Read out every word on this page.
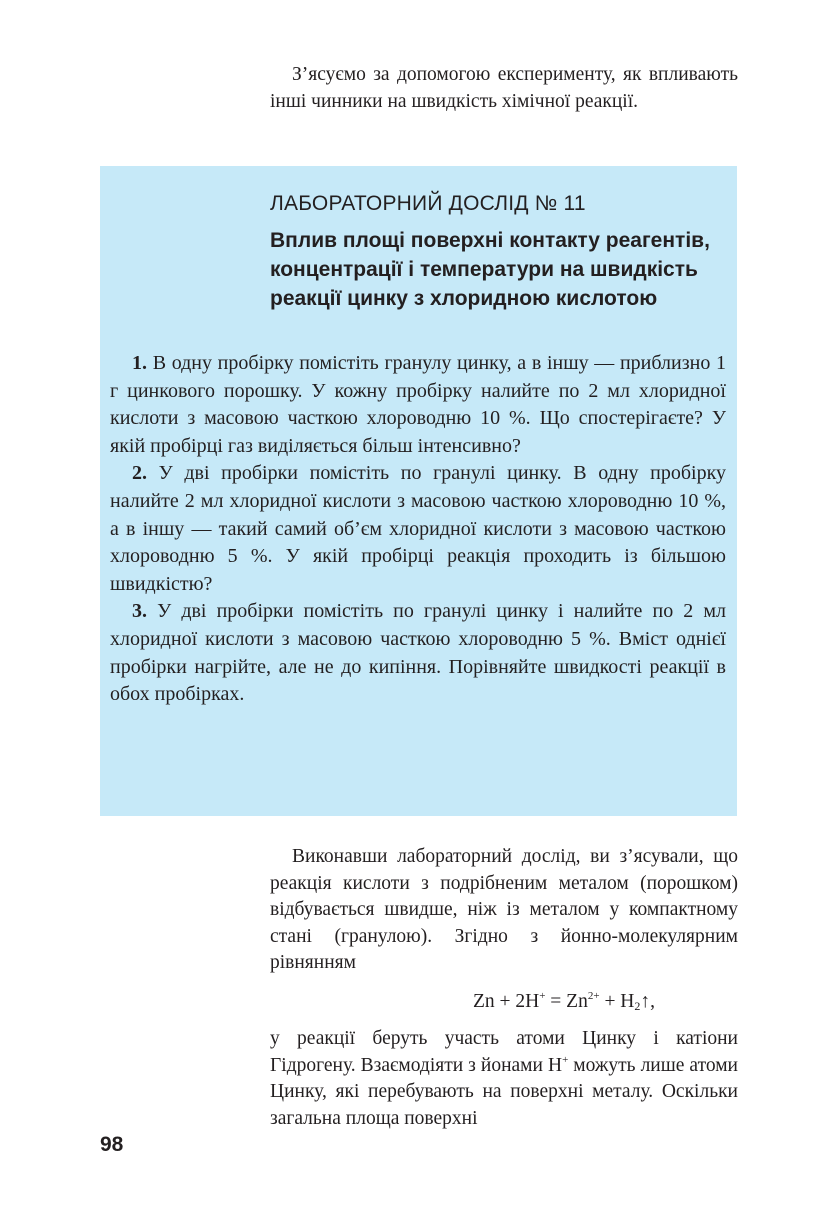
З’ясуємо за допомогою експерименту, як впливають інші чинники на швидкість хімічної реакції.
ЛАБОРАТОРНИЙ ДОСЛІД № 11
Вплив площі поверхні контакту реагентів, концентрації і температури на швидкість реакції цинку з хлоридною кислотою

1. В одну пробірку помістіть гранулу цинку, а в іншу — приблизно 1 г цинкового порошку. У кожну пробірку налийте по 2 мл хлоридної кислоти з масовою часткою хлороводню 10 %. Що спостерігаєте? У якій пробірці газ виділяється більш інтенсивно?

2. У дві пробірки помістіть по гранулі цинку. В одну пробірку налийте 2 мл хлоридної кислоти з масовою часткою хлороводню 10 %, а в іншу — такий самий об’єм хлоридної кислоти з масовою часткою хлороводню 5 %. У якій пробірці реакція проходить із більшою швидкістю?

3. У дві пробірки помістіть по гранулі цинку і налийте по 2 мл хлоридної кислоти з масовою часткою хлороводню 5 %. Вміст однієї пробірки нагрійте, але не до кипіння. Порівняйте швидкості реакції в обох пробірках.

Виконавши лабораторний дослід, ви з’ясували, що реакція кислоти з подрібненим металом (порошком) відбувається швидше, ніж із металом у компактному стані (гранулою). Згідно з йонно-молекулярним рівнянням

$Zn + 2H^+ = Zn^{2+}$ + $H_2↑$,

у реакції беруть участь атоми Цинку і катіони Гідрогену. Взаємодіяти з йонами H+ можуть лише атоми Цинку, які перебувають на поверхні металу. Оскільки загальна площа поверхні

98
